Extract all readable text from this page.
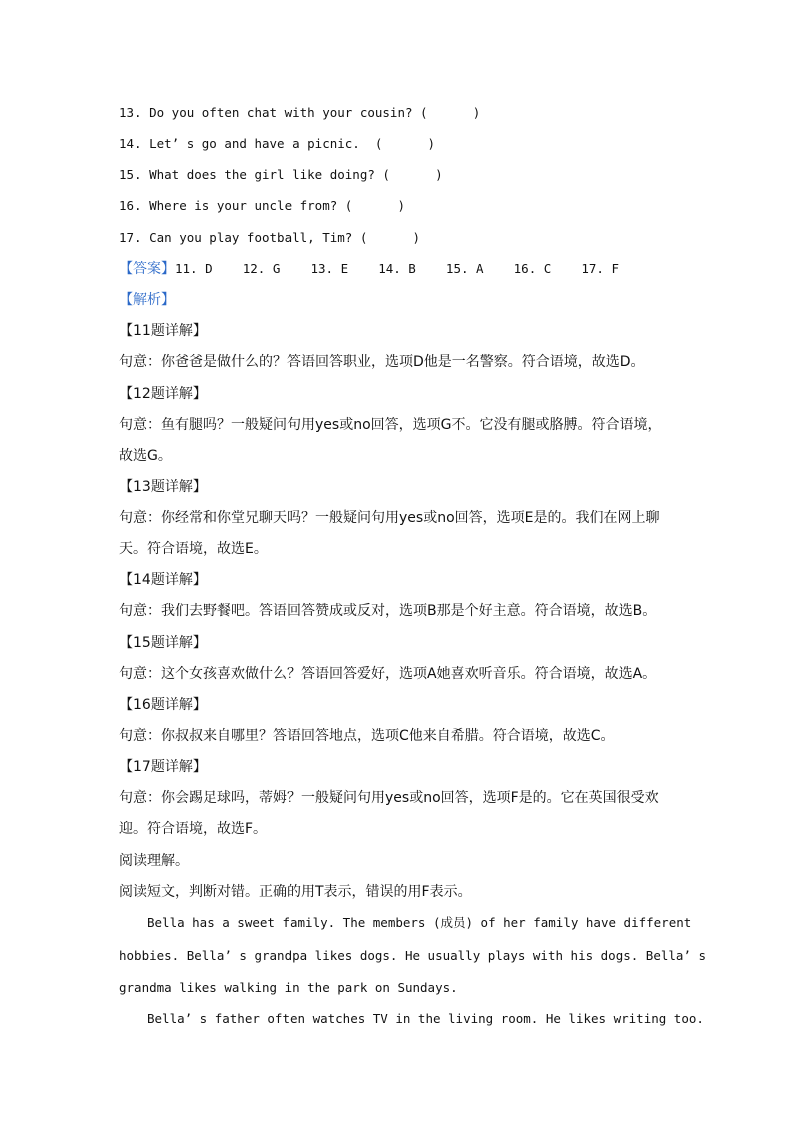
13. Do you often chat with your cousin? (      )
14. Let’ s go and have a picnic.  (      )
15. What does the girl like doing? (      )
16. Where is your uncle from? (      )
17. Can you play football, Tim? (      )
【答案】11. D    12. G    13. E    14. B    15. A    16. C    17. F
【解析】
【11题详解】
句意：你爸爸是做什么的？答语回答职业，选项D他是一名警察。符合语境，故选D。
【12题详解】
句意：鱼有腿吗？一般疑问句用yes或no回答，选项G不。它没有腿或胳膊。符合语境，
故选G。
【13题详解】
句意：你经常和你堂兄聊天吗？一般疑问句用yes或no回答，选项E是的。我们在网上聊
天。符合语境，故选E。
【14题详解】
句意：我们去野餐吧。答语回答赞成或反对，选项B那是个好主意。符合语境，故选B。
【15题详解】
句意：这个女孩喜欢做什么？答语回答爱好，选项A她喜欢听音乐。符合语境，故选A。
【16题详解】
句意：你叔叔来自哪里？答语回答地点，选项C他来自希腊。符合语境，故选C。
【17题详解】
句意：你会踢足球吗，蒂姆？一般疑问句用yes或no回答，选项F是的。它在英国很受欢
迎。符合语境，故选F。
阅读理解。
阅读短文，判断对错。正确的用T表示，错误的用F表示。
Bella has a sweet family. The members (成员) of her family have different
hobbies. Bella’ s grandpa likes dogs. He usually plays with his dogs. Bella’ s
grandma likes walking in the park on Sundays.
Bella’ s father often watches TV in the living room. He likes writing too.
